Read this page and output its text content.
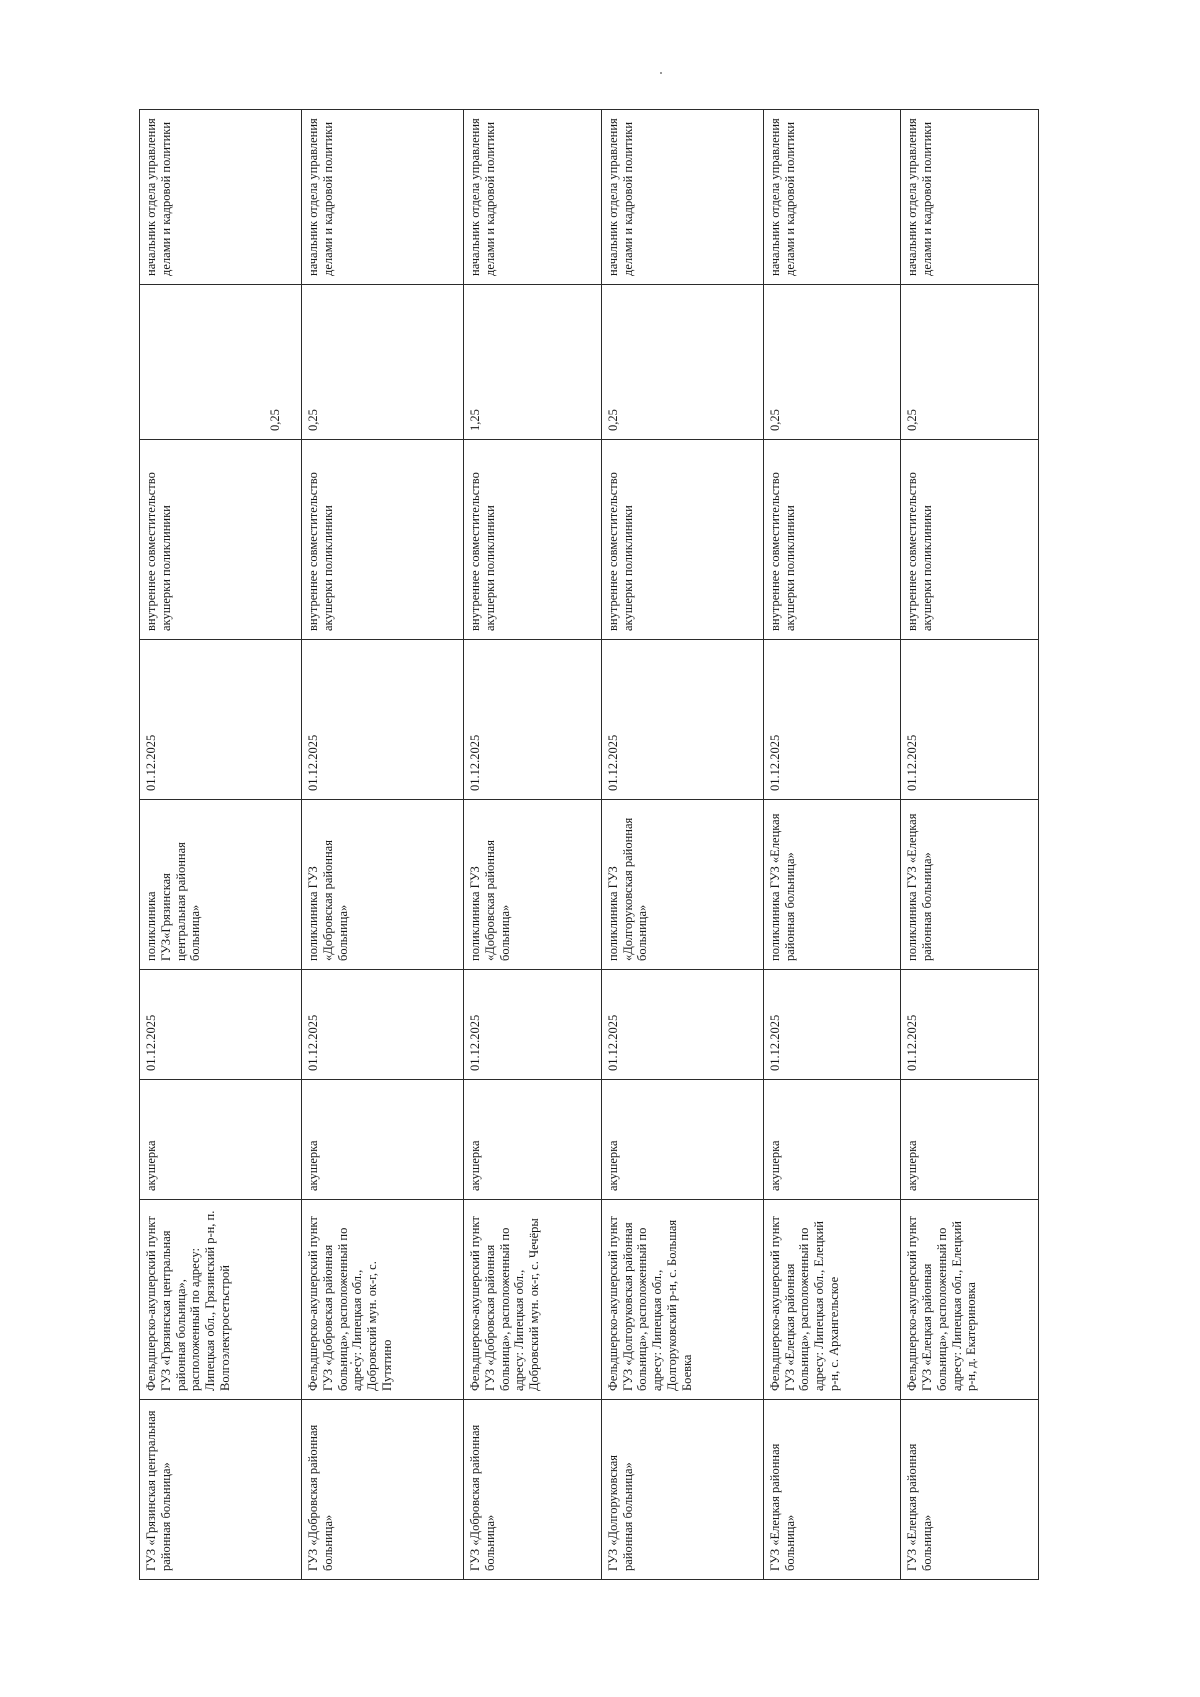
ГУЗ «Грязинская центральная районная больница»	Фельдшерско-акушерский пункт ГУЗ «Грязинская центральная районная больница», расположенный по адресу: Липецкая обл., Грязинский р-н, п. Волгоэлектросетьстрой	акушерка	01.12.2025	поликлиника ГУЗ«Грязинская центральная районная больница»	01.12.2025	внутреннее совместительство акушерки поликлиники	0,25	начальник отдела управления делами и кадровой политики

ГУЗ «Добровская районная больница»	Фельдшерско-акушерский пункт ГУЗ «Добровская районная больница», расположенный по адресу: Липецкая обл., Добровский мун. ок-г, с. Путятино	акушерка	01.12.2025	поликлиника ГУЗ «Добровская районная больница»	01.12.2025	внутреннее совместительство акушерки поликлиники	0,25	начальник отдела управления делами и кадровой политики

ГУЗ «Добровская районная больница»	Фельдшерско-акушерский пункт ГУЗ «Добровская районная больница», расположенный по адресу: Липецкая обл., Добровский мун. ок-г, с. Чечёры	акушерка	01.12.2025	поликлиника ГУЗ «Добровская районная больница»	01.12.2025	внутреннее совместительство акушерки поликлиники	1,25	начальник отдела управления делами и кадровой политики

ГУЗ «Долгоруковская районная больница»	Фельдшерско-акушерский пункт ГУЗ «Долгоруковская районная больница», расположенный по адресу: Липецкая обл., Долгоруковский р-н, с. Большая Боевка	акушерка	01.12.2025	поликлиника ГУЗ «Долгоруковская районная больница»	01.12.2025	внутреннее совместительство акушерки поликлиники	0,25	начальник отдела управления делами и кадровой политики

ГУЗ «Елецкая районная больница»	Фельдшерско-акушерский пункт ГУЗ «Елецкая районная больница», расположенный по адресу: Липецкая обл., Елецкий р-н, с. Архангельское	акушерка	01.12.2025	поликлиника ГУЗ «Елецкая районная больница»	01.12.2025	внутреннее совместительство акушерки поликлиники	0,25	начальник отдела управления делами и кадровой политики

ГУЗ «Елецкая районная больница»	Фельдшерско-акушерский пункт ГУЗ «Елецкая районная больница», расположенный по адресу: Липецкая обл., Елецкий р-н, д. Екатериновка	акушерка	01.12.2025	поликлиника ГУЗ «Елецкая районная больница»	01.12.2025	внутреннее совместительство акушерки поликлиники	0,25	начальник отдела управления делами и кадровой политики
